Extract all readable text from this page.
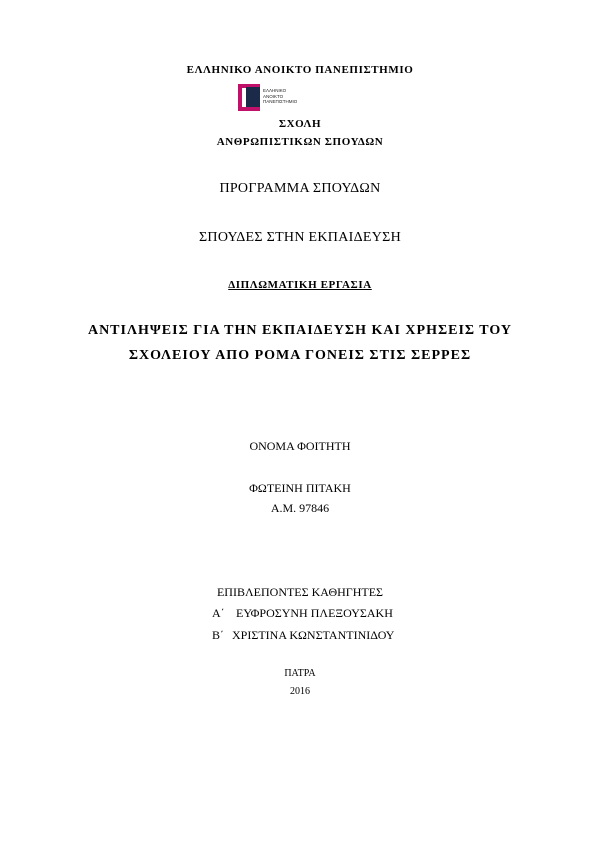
ΕΛΛΗΝΙΚΟ ΑΝΟΙΚΤΟ ΠΑΝΕΠΙΣΤΗΜΙΟ
ΕΛΛΗΝΙΚΟ
ΑΝΟΙΚΤΟ
ΠΑΝΕΠΙΣΤΗΜΙΟ
ΣΧΟΛΗ
ΑΝΘΡΩΠΙΣΤΙΚΩΝ ΣΠΟΥΔΩΝ
ΠΡΟΓΡΑΜΜΑ ΣΠΟΥΔΩΝ
ΣΠΟΥΔΕΣ ΣΤΗΝ ΕΚΠΑΙΔΕΥΣΗ
ΔΙΠΛΩΜΑΤΙΚΗ ΕΡΓΑΣΙΑ
ΑΝΤΙΛΗΨΕΙΣ ΓΙΑ ΤΗΝ ΕΚΠΑΙΔΕΥΣΗ ΚΑΙ ΧΡΗΣΕΙΣ ΤΟΥ
ΣΧΟΛΕΙΟΥ ΑΠΟ ΡΟΜΑ ΓΟΝΕΙΣ ΣΤΙΣ ΣΕΡΡΕΣ
ΟΝΟΜΑ ΦΟΙΤΗΤΗ
ΦΩΤΕΙΝΗ ΠΙΤΑΚΗ
Α.Μ. 97846
ΕΠΙΒΛΕΠΟΝΤΕΣ ΚΑΘΗΓΗΤΕΣ
Α΄ ΕΥΦΡΟΣΥΝΗ ΠΛΕΞΟΥΣΑΚΗ
Β΄ ΧΡΙΣΤΙΝΑ ΚΩΝΣΤΑΝΤΙΝΙΔΟΥ
ΠΑΤΡΑ
2016
